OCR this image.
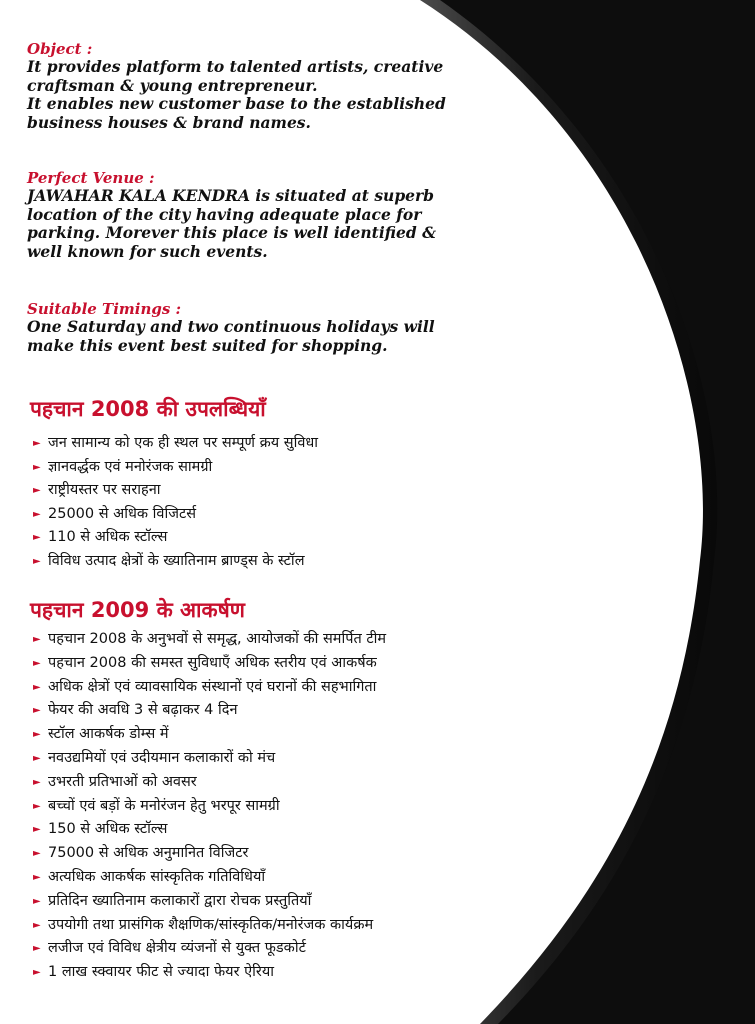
Object :
It provides platform to talented artists, creative
craftsman & young entrepreneur.
It enables new customer base to the established
business houses & brand names.
Perfect Venue :
JAWAHAR KALA KENDRA is situated at superb
location of the city having adequate place for
parking. Morever this place is well identified &
well known for such events.
Suitable Timings :
One Saturday and two continuous holidays will
make this event best suited for shopping.
पहचान 2008 की उपलब्धियाँ
► जन सामान्य को एक ही स्थल पर सम्पूर्ण क्रय सुविधा
► ज्ञानवर्द्धक एवं मनोरंजक सामग्री
► राष्ट्रीयस्तर पर सराहना
► 25000 से अधिक विजिटर्स
► 110 से अधिक स्टॉल्स
► विविध उत्पाद क्षेत्रों के ख्यातिनाम ब्राण्ड्स के स्टॉल
पहचान 2009 के आकर्षण
► पहचान 2008 के अनुभवों से समृद्ध, आयोजकों की समर्पित टीम
► पहचान 2008 की समस्त सुविधाएँ अधिक स्तरीय एवं आकर्षक
► अधिक क्षेत्रों एवं व्यावसायिक संस्थानों एवं घरानों की सहभागिता
► फेयर की अवधि 3 से बढ़ाकर 4 दिन
► स्टॉल आकर्षक डोम्स में
► नवउद्यमियों एवं उदीयमान कलाकारों को मंच
► उभरती प्रतिभाओं को अवसर
► बच्चों एवं बड़ों के मनोरंजन हेतु भरपूर सामग्री
► 150 से अधिक स्टॉल्स
► 75000 से अधिक अनुमानित विजिटर
► अत्यधिक आकर्षक सांस्कृतिक गतिविधियाँ
► प्रतिदिन ख्यातिनाम कलाकारों द्वारा रोचक प्रस्तुतियाँ
► उपयोगी तथा प्रासंगिक शैक्षणिक/सांस्कृतिक/मनोरंजक कार्यक्रम
► लजीज एवं विविध क्षेत्रीय व्यंजनों से युक्त फूडकोर्ट
► 1 लाख स्क्वायर फीट से ज्यादा फेयर ऐरिया
